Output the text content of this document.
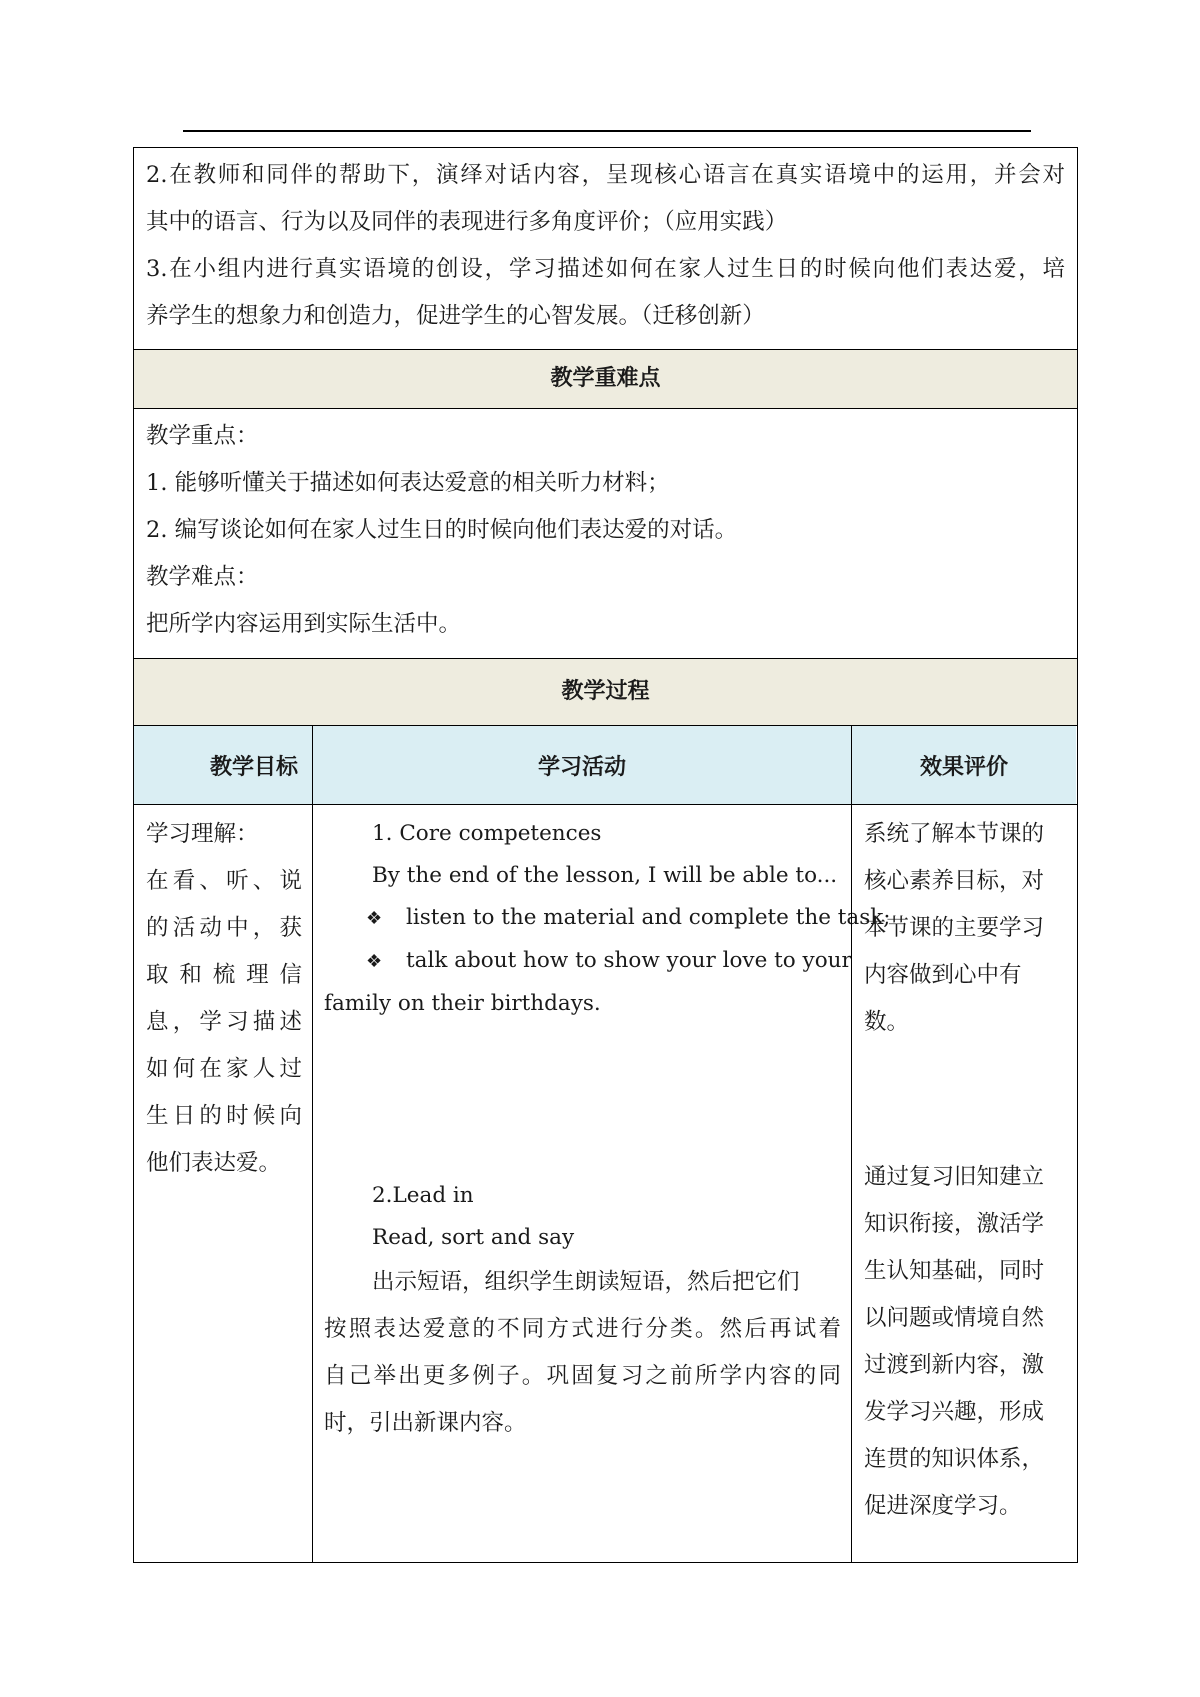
2.在教师和同伴的帮助下，演绎对话内容，呈现核心语言在真实语境中的运用，并会对
其中的语言、行为以及同伴的表现进行多角度评价；（应用实践）
3.在小组内进行真实语境的创设，学习描述如何在家人过生日的时候向他们表达爱，培
养学生的想象力和创造力，促进学生的心智发展。（迁移创新）
教学重难点
教学重点：
1. 能够听懂关于描述如何表达爱意的相关听力材料；
2. 编写谈论如何在家人过生日的时候向他们表达爱的对话。
教学难点：
把所学内容运用到实际生活中。
教学过程
教学目标	学习活动	效果评价
学习理解：
在看、听、说
的活动中，获
取和梳理信
息，学习描述
如何在家人过
生日的时候向
他们表达爱。
1. Core competences
By the end of the lesson, I will be able to...
❖ listen to the material and complete the task;
❖ talk about how to show your love to your
family on their birthdays.
2.Lead in
Read, sort and say
出示短语，组织学生朗读短语，然后把它们
按照表达爱意的不同方式进行分类。然后再试着
自己举出更多例子。巩固复习之前所学内容的同
时，引出新课内容。
系统了解本节课的
核心素养目标，对
本节课的主要学习
内容做到心中有
数。
通过复习旧知建立
知识衔接，激活学
生认知基础，同时
以问题或情境自然
过渡到新内容，激
发学习兴趣，形成
连贯的知识体系，
促进深度学习。
